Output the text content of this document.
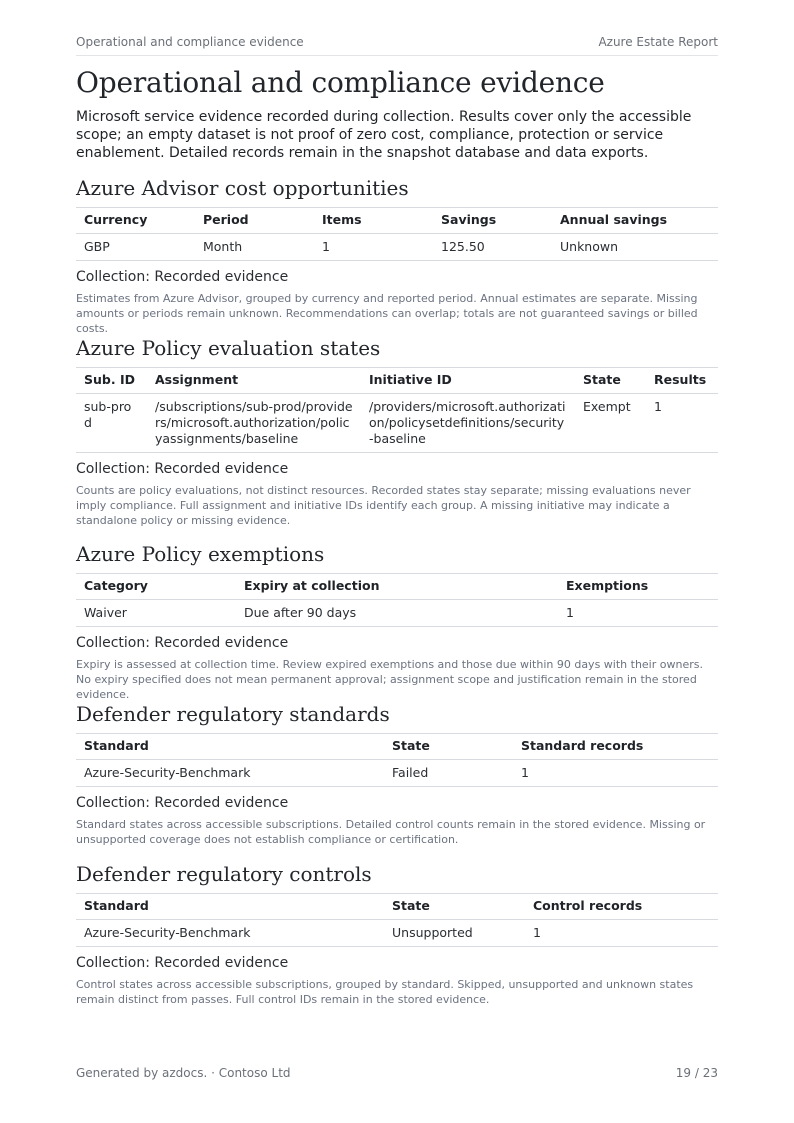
Operational and compliance evidence	Azure Estate Report
Operational and compliance evidence

Microsoft service evidence recorded during collection. Results cover only the accessible scope; an empty dataset is not proof of zero cost, compliance, protection or service enablement. Detailed records remain in the snapshot database and data exports.

Azure Advisor cost opportunities
Currency	Period	Items	Savings	Annual savings
GBP	Month	1	125.50	Unknown

Collection: Recorded evidence

Estimates from Azure Advisor, grouped by currency and reported period. Annual estimates are separate. Missing amounts or periods remain unknown. Recommendations can overlap; totals are not guaranteed savings or billed costs.

Azure Policy evaluation states
Sub. ID	Assignment	Initiative ID	State	Results
sub-prod	/subscriptions/sub-prod/providers/microsoft.authorization/policyassignments/baseline	/providers/microsoft.authorization/policysetdefinitions/security-baseline	Exempt	1

Collection: Recorded evidence

Counts are policy evaluations, not distinct resources. Recorded states stay separate; missing evaluations never imply compliance. Full assignment and initiative IDs identify each group. A missing initiative may indicate a standalone policy or missing evidence.

Azure Policy exemptions
Category	Expiry at collection	Exemptions
Waiver	Due after 90 days	1

Collection: Recorded evidence

Expiry is assessed at collection time. Review expired exemptions and those due within 90 days with their owners. No expiry specified does not mean permanent approval; assignment scope and justification remain in the stored evidence.

Defender regulatory standards
Standard	State	Standard records
Azure-Security-Benchmark	Failed	1

Collection: Recorded evidence

Standard states across accessible subscriptions. Detailed control counts remain in the stored evidence. Missing or unsupported coverage does not establish compliance or certification.

Defender regulatory controls
Standard	State	Control records
Azure-Security-Benchmark	Unsupported	1

Collection: Recorded evidence

Control states across accessible subscriptions, grouped by standard. Skipped, unsupported and unknown states remain distinct from passes. Full control IDs remain in the stored evidence.

Generated by azdocs. · Contoso Ltd	19 / 23
